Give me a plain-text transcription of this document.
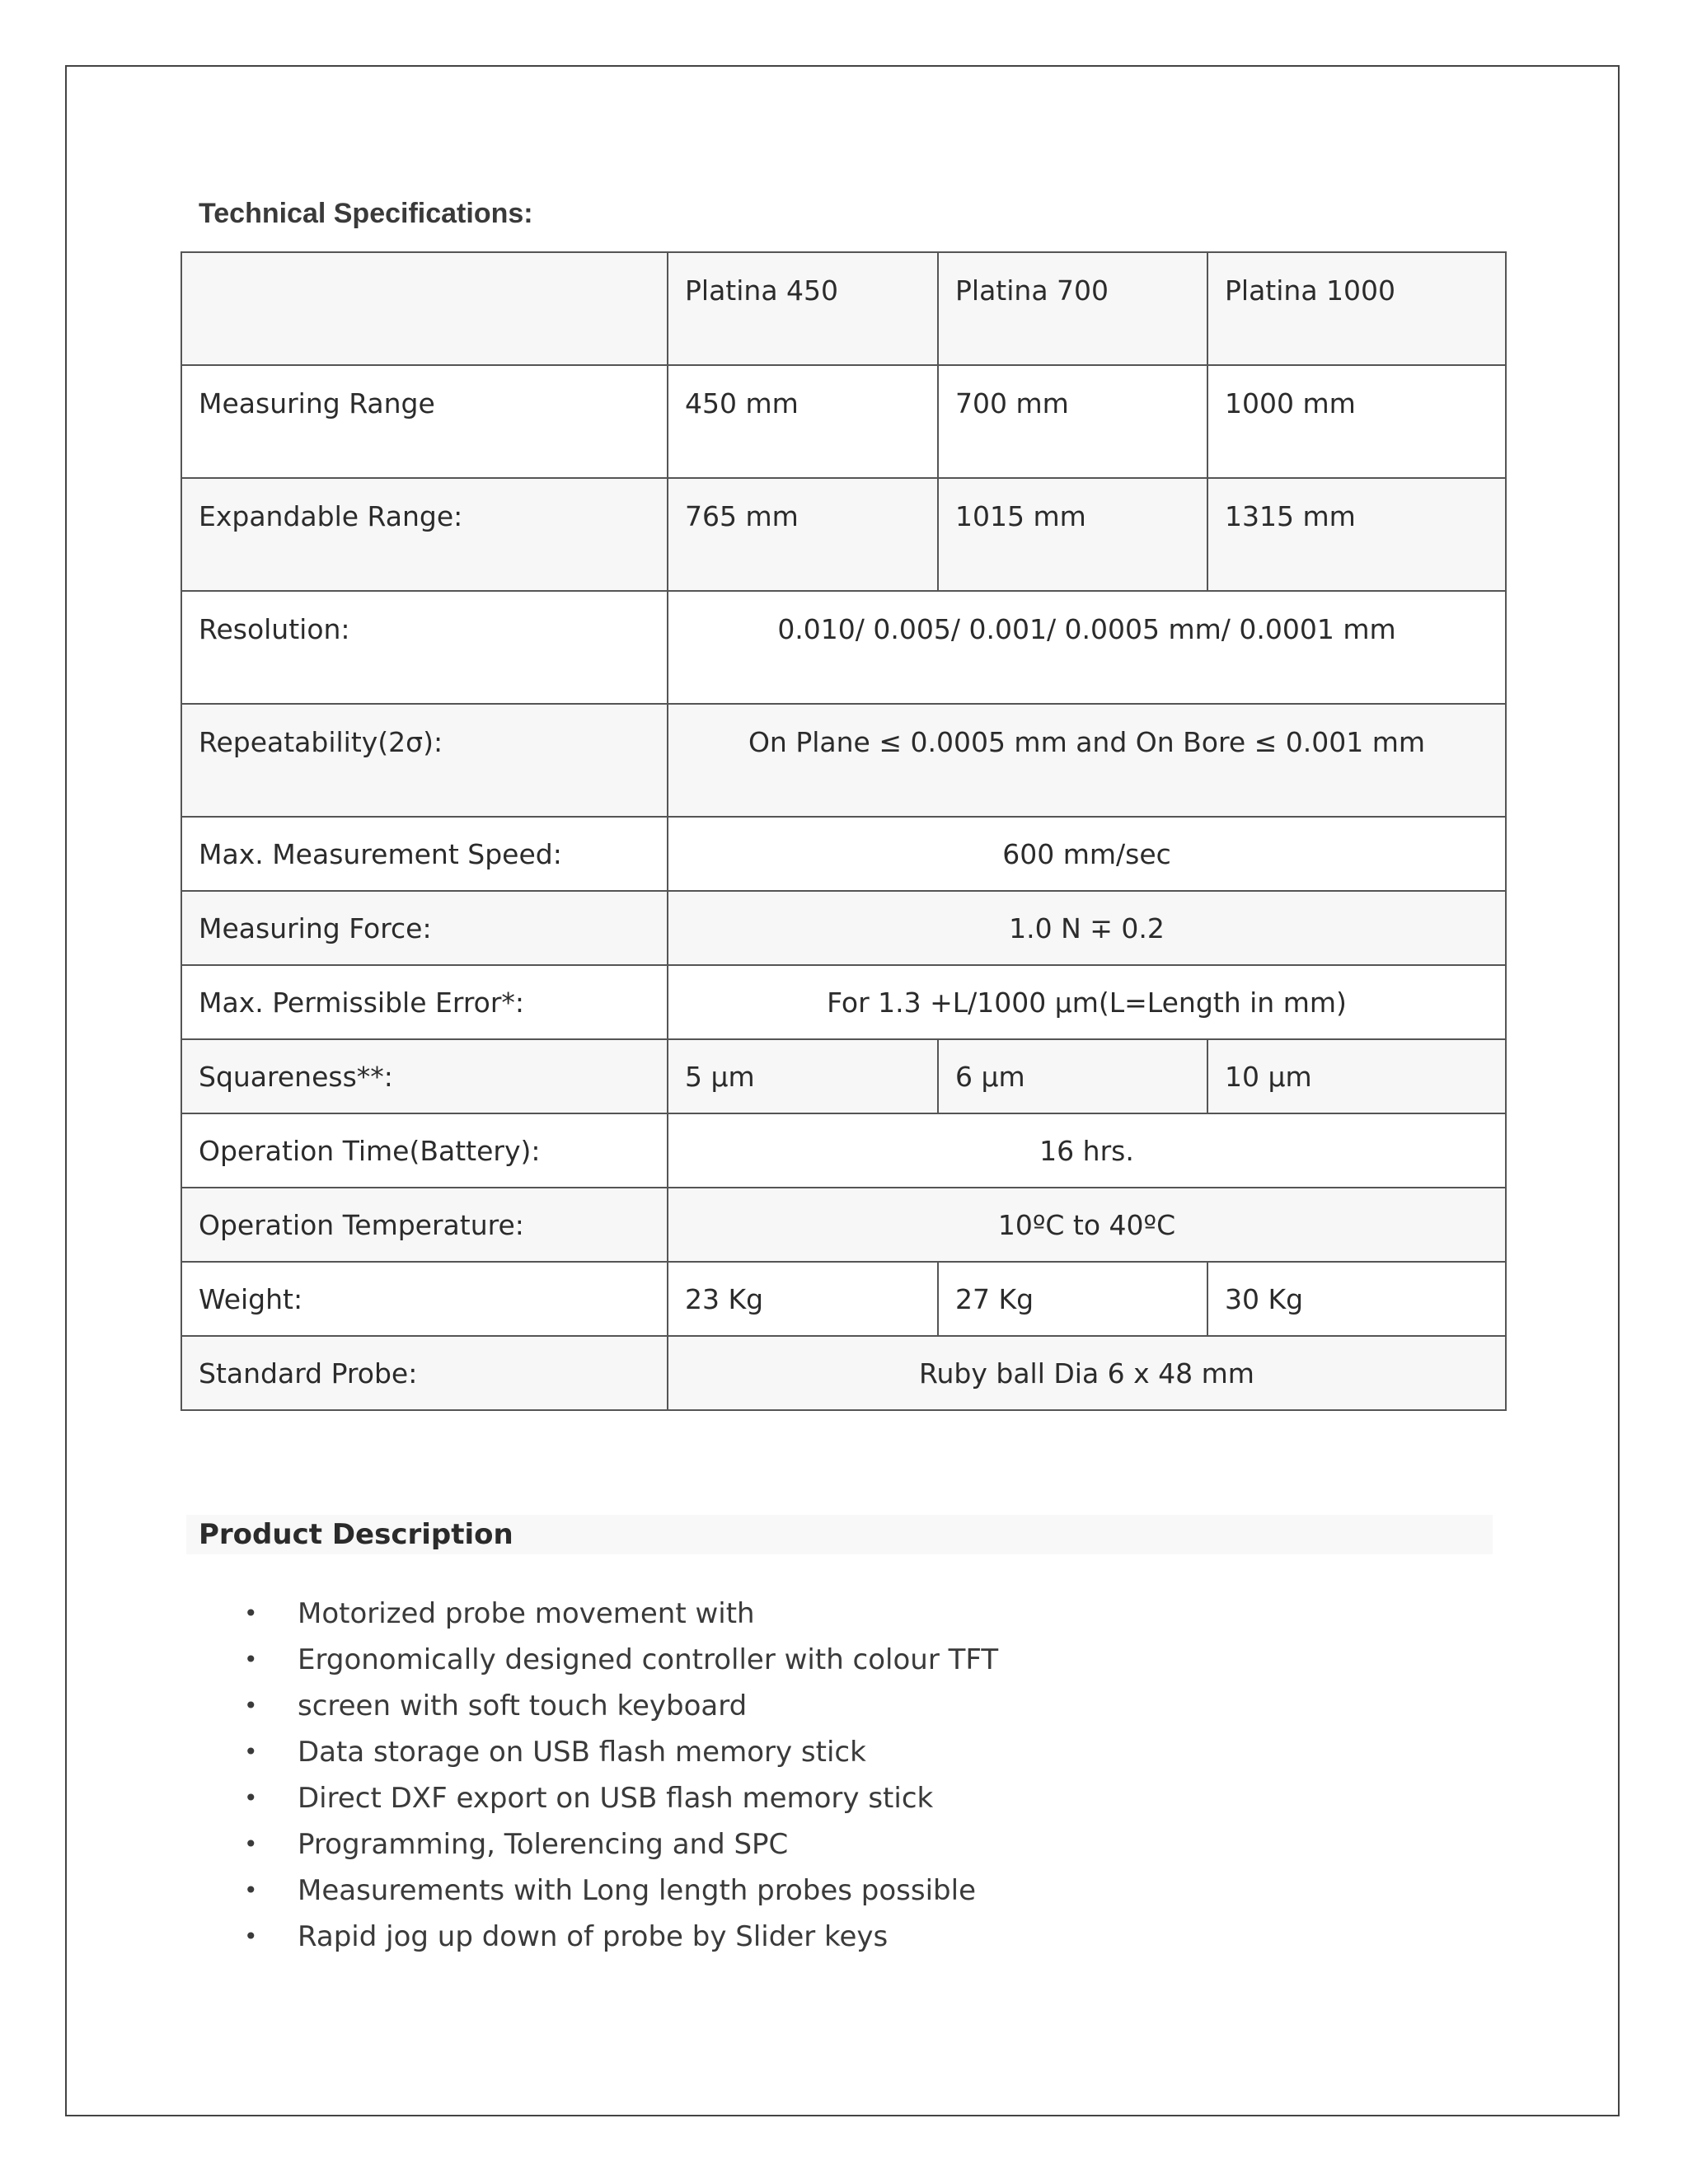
Technical Specifications:
	Platina 450	Platina 700	Platina 1000
Measuring Range	450 mm	700 mm	1000 mm
Expandable Range:	765 mm	1015 mm	1315 mm
Resolution:	0.010/ 0.005/ 0.001/ 0.0005 mm/ 0.0001 mm		
Repeatability(2σ):	On Plane ≤ 0.0005 mm and On Bore ≤ 0.001 mm		
Max. Measurement Speed:	600 mm/sec		
Measuring Force:	1.0 N ∓ 0.2		
Max. Permissible Error*:	For 1.3 +L/1000 µm(L=Length in mm)		
Squareness**:	5 µm	6 µm	10 µm
Operation Time(Battery):	16 hrs.		
Operation Temperature:	10ºC to 40ºC		
Weight:	23 Kg	27 Kg	30 Kg
Standard Probe:	Ruby ball Dia 6 x 48 mm		
Product Description
• Motorized probe movement with
• Ergonomically designed controller with colour TFT
• screen with soft touch keyboard
• Data storage on USB flash memory stick
• Direct DXF export on USB flash memory stick
• Programming, Tolerencing and SPC
• Measurements with Long length probes possible
• Rapid jog up down of probe by Slider keys
